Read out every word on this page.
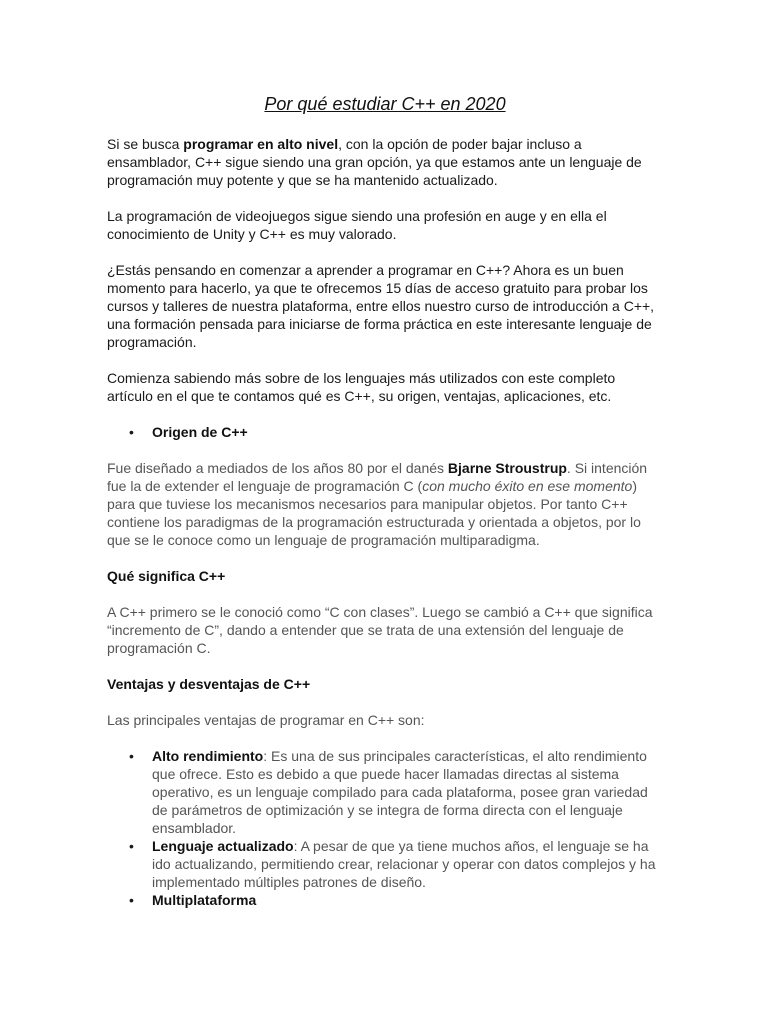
Por qué estudiar C++ en 2020

Si se busca programar en alto nivel, con la opción de poder bajar incluso a ensamblador, C++ sigue siendo una gran opción, ya que estamos ante un lenguaje de programación muy potente y que se ha mantenido actualizado.

La programación de videojuegos sigue siendo una profesión en auge y en ella el conocimiento de Unity y C++ es muy valorado.

¿Estás pensando en comenzar a aprender a programar en C++? Ahora es un buen momento para hacerlo, ya que te ofrecemos 15 días de acceso gratuito para probar los cursos y talleres de nuestra plataforma, entre ellos nuestro curso de introducción a C++, una formación pensada para iniciarse de forma práctica en este interesante lenguaje de programación.

Comienza sabiendo más sobre de los lenguajes más utilizados con este completo artículo en el que te contamos qué es C++, su origen, ventajas, aplicaciones, etc.

• Origen de C++

Fue diseñado a mediados de los años 80 por el danés Bjarne Stroustrup. Si intención fue la de extender el lenguaje de programación C (con mucho éxito en ese momento) para que tuviese los mecanismos necesarios para manipular objetos. Por tanto C++ contiene los paradigmas de la programación estructurada y orientada a objetos, por lo que se le conoce como un lenguaje de programación multiparadigma.

Qué significa C++

A C++ primero se le conoció como “C con clases”. Luego se cambió a C++ que significa “incremento de C”, dando a entender que se trata de una extensión del lenguaje de programación C.

Ventajas y desventajas de C++

Las principales ventajas de programar en C++ son:

• Alto rendimiento: Es una de sus principales características, el alto rendimiento que ofrece. Esto es debido a que puede hacer llamadas directas al sistema operativo, es un lenguaje compilado para cada plataforma, posee gran variedad de parámetros de optimización y se integra de forma directa con el lenguaje ensamblador.
• Lenguaje actualizado: A pesar de que ya tiene muchos años, el lenguaje se ha ido actualizando, permitiendo crear, relacionar y operar con datos complejos y ha implementado múltiples patrones de diseño.
• Multiplataforma
